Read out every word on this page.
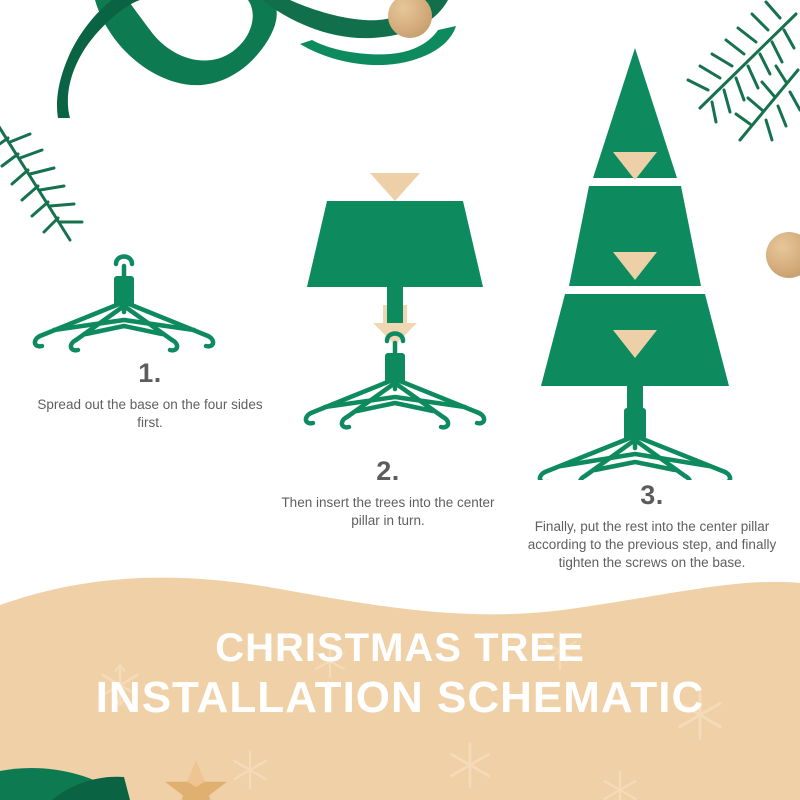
1.
Spread out the base on the four sides first.
2.
Then insert the trees into the center pillar in turn.
3.
Finally, put the rest into the center pillar according to the previous step, and finally tighten the screws on the base.
CHRISTMAS TREE
INSTALLATION SCHEMATIC
